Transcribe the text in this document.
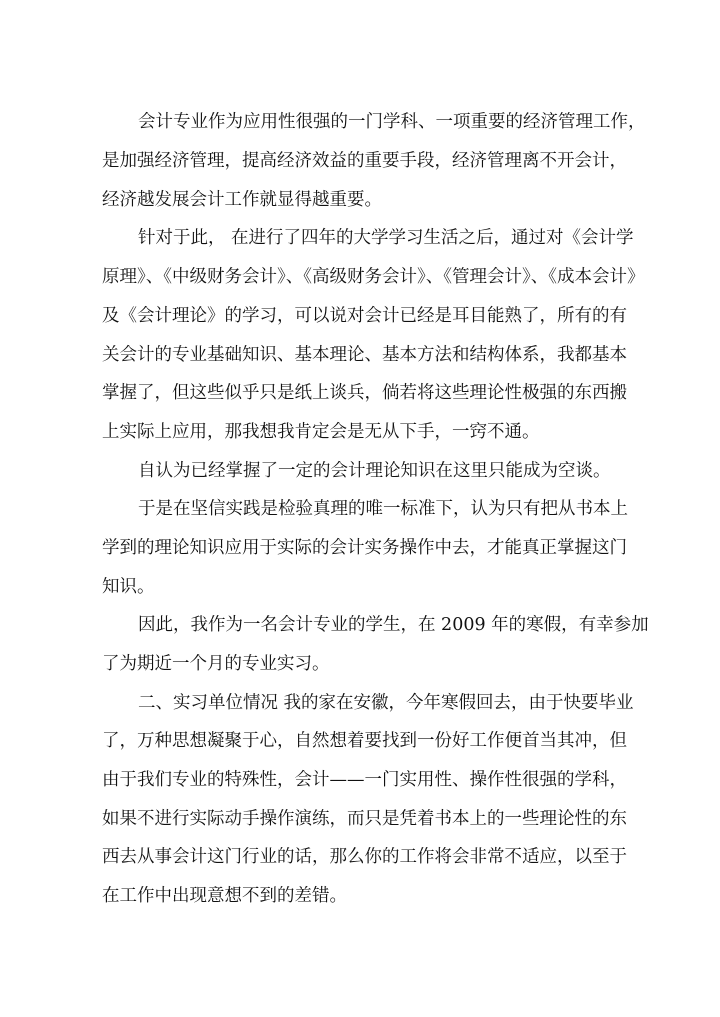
会计专业作为应用性很强的一门学科、一项重要的经济管理工作，
是加强经济管理，提高经济效益的重要手段，经济管理离不开会计，
经济越发展会计工作就显得越重要。
针对于此， 在进行了四年的大学学习生活之后，通过对《会计学
原理》、《中级财务会计》、《高级财务会计》、《管理会计》、《成本会计》
及《会计理论》的学习，可以说对会计已经是耳目能熟了，所有的有
关会计的专业基础知识、基本理论、基本方法和结构体系，我都基本
掌握了，但这些似乎只是纸上谈兵，倘若将这些理论性极强的东西搬
上实际上应用，那我想我肯定会是无从下手，一窍不通。
自认为已经掌握了一定的会计理论知识在这里只能成为空谈。
于是在坚信实践是检验真理的唯一标准下，认为只有把从书本上
学到的理论知识应用于实际的会计实务操作中去，才能真正掌握这门
知识。
因此，我作为一名会计专业的学生，在 2009 年的寒假，有幸参加
了为期近一个月的专业实习。
二、实习单位情况 我的家在安徽，今年寒假回去，由于快要毕业
了，万种思想凝聚于心，自然想着要找到一份好工作便首当其冲，但
由于我们专业的特殊性，会计——一门实用性、操作性很强的学科，
如果不进行实际动手操作演练，而只是凭着书本上的一些理论性的东
西去从事会计这门行业的话，那么你的工作将会非常不适应，以至于
在工作中出现意想不到的差错。
